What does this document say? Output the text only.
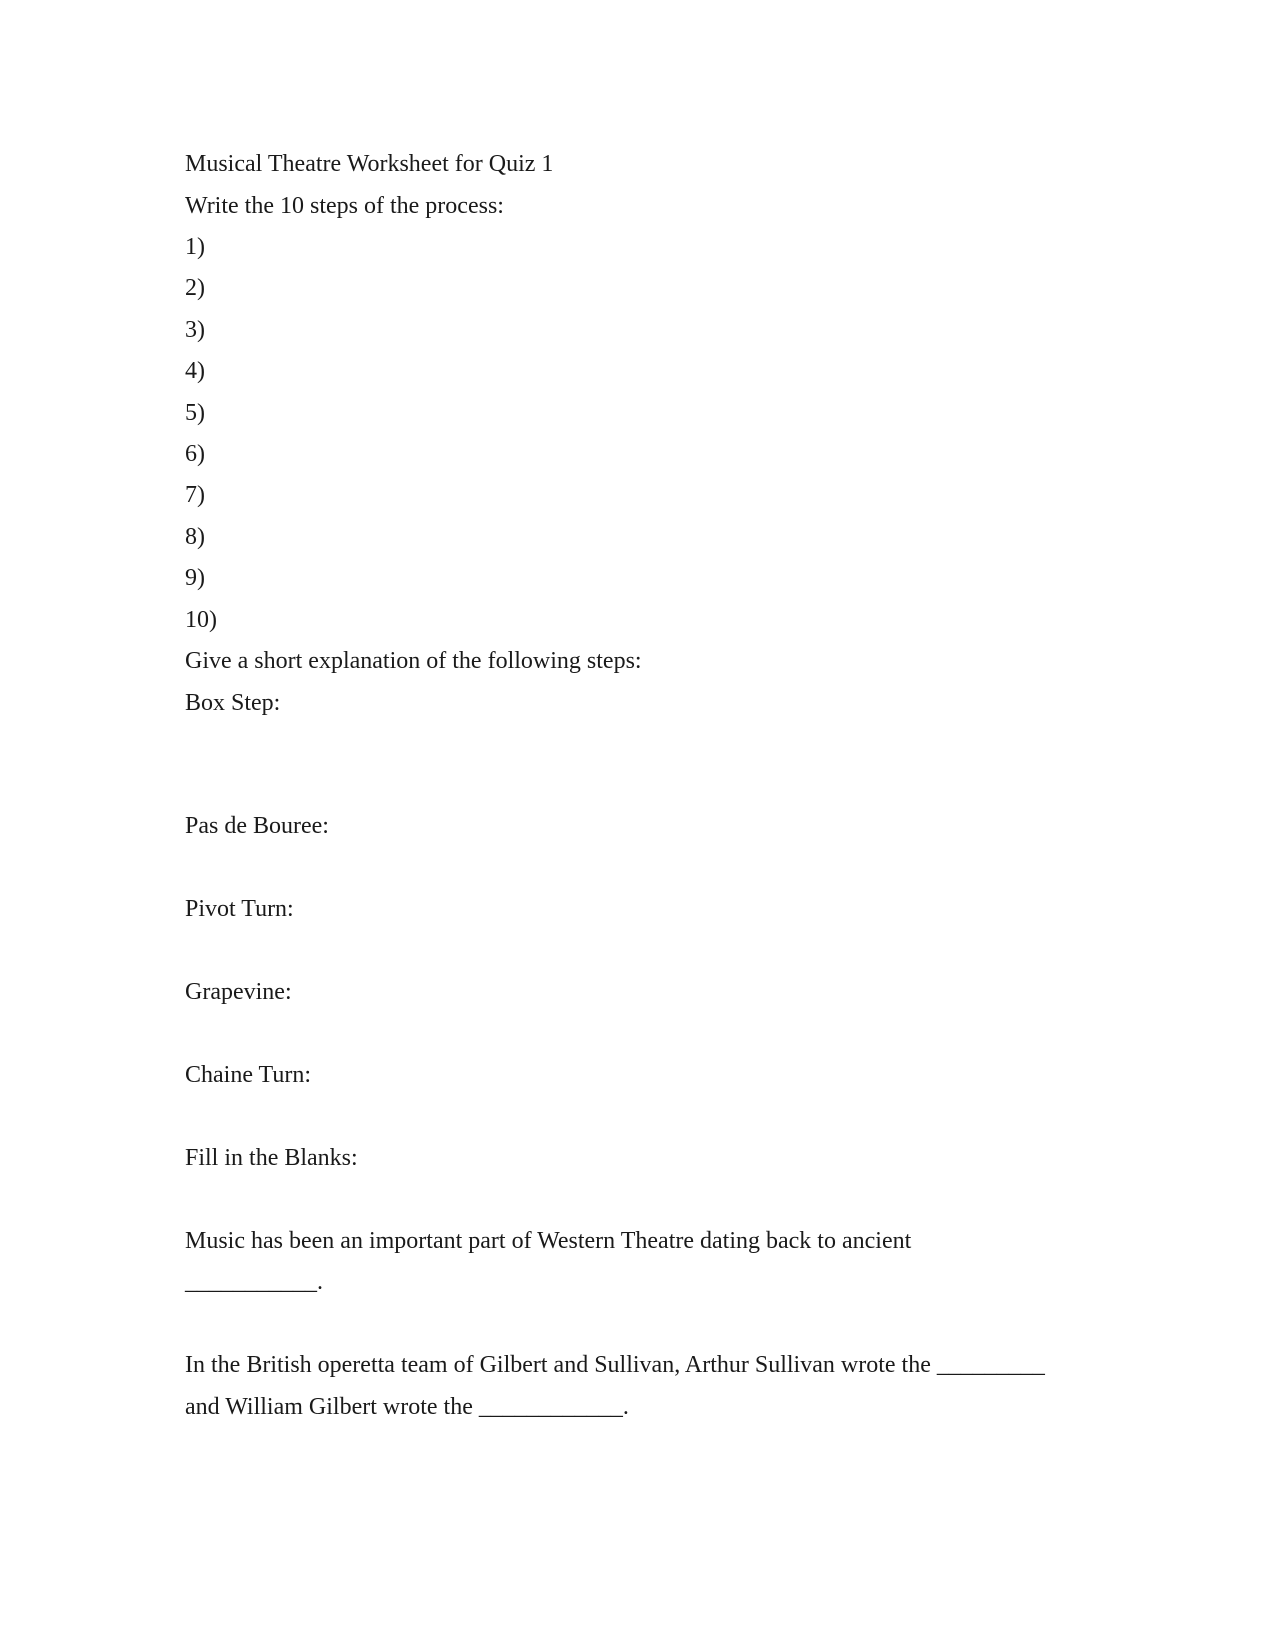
Musical Theatre Worksheet for Quiz 1
Write the 10 steps of the process:
1)
2)
3)
4)
5)
6)
7)
8)
9)
10)
Give a short explanation of the following steps:
Box Step:
Pas de Bouree:
Pivot Turn:
Grapevine:
Chaine Turn:
Fill in the Blanks:
Music has been an important part of Western Theatre dating back to ancient
___________.
In the British operetta team of Gilbert and Sullivan, Arthur Sullivan wrote the _________
and William Gilbert wrote the ____________.
